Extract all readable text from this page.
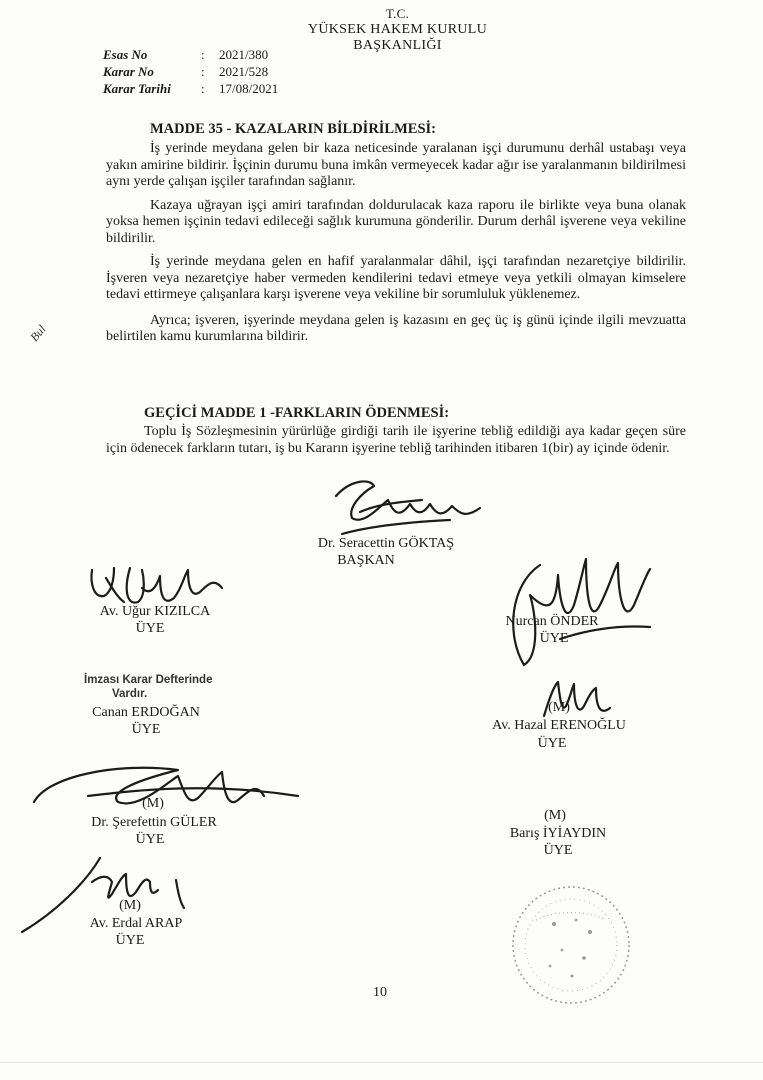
T.C.
YÜKSEK HAKEM KURULU
BAŞKANLIĞI
Esas No	: 2021/380
Karar No	: 2021/528
Karar Tarihi : 17/08/2021
MADDE 35 - KAZALARIN BİLDİRİLMESİ:

İş yerinde meydana gelen bir kaza neticesinde yaralanan işçi durumunu derhâl ustabaşı veya yakın amirine bildirir. İşçinin durumu buna imkân vermeyecek kadar ağır ise yaralanmanın bildirilmesi aynı yerde çalışan işçiler tarafından sağlanır.

Kazaya uğrayan işçi amiri tarafından doldurulacak kaza raporu ile birlikte veya buna olanak yoksa hemen işçinin tedavi edileceği sağlık kurumuna gönderilir. Durum derhâl işverene veya vekiline bildirilir.

İş yerinde meydana gelen en hafif yaralanmalar dâhil, işçi tarafından nezaretçiye bildirilir. İşveren veya nezaretçiye haber vermeden kendilerini tedavi etmeye veya yetkili olmayan kimselere tedavi ettirmeye çalışanlara karşı işverene veya vekiline bir sorumluluk yüklenemez.

Ayrıca; işveren, işyerinde meydana gelen iş kazasını en geç üç iş günü içinde ilgili mevzuatta belirtilen kamu kurumlarına bildirir.

GEÇİCİ MADDE 1 -FARKLARIN ÖDENMESİ:

Toplu İş Sözleşmesinin yürürlüğe girdiği tarih ile işyerine tebliğ edildiği aya kadar geçen süre için ödenecek farkların tutarı, iş bu Kararın işyerine tebliğ tarihinden itibaren 1(bir) ay içinde ödenir.

Bul
Dr. Seracettin GÖKTAŞ
BAŞKAN
Av. Uğur KIZILCA
ÜYE	Nurcan ÖNDER
ÜYE
İmzası Karar Defterinde
Vardır.
Canan ERDOĞAN
ÜYE
(M)
Av. Hazal ERENOĞLU
ÜYE
(M)
Dr. Şerefettin GÜLER
ÜYE
(M)
Barış İYİAYDIN
ÜYE
(M)
Av. Erdal ARAP
ÜYE
10
